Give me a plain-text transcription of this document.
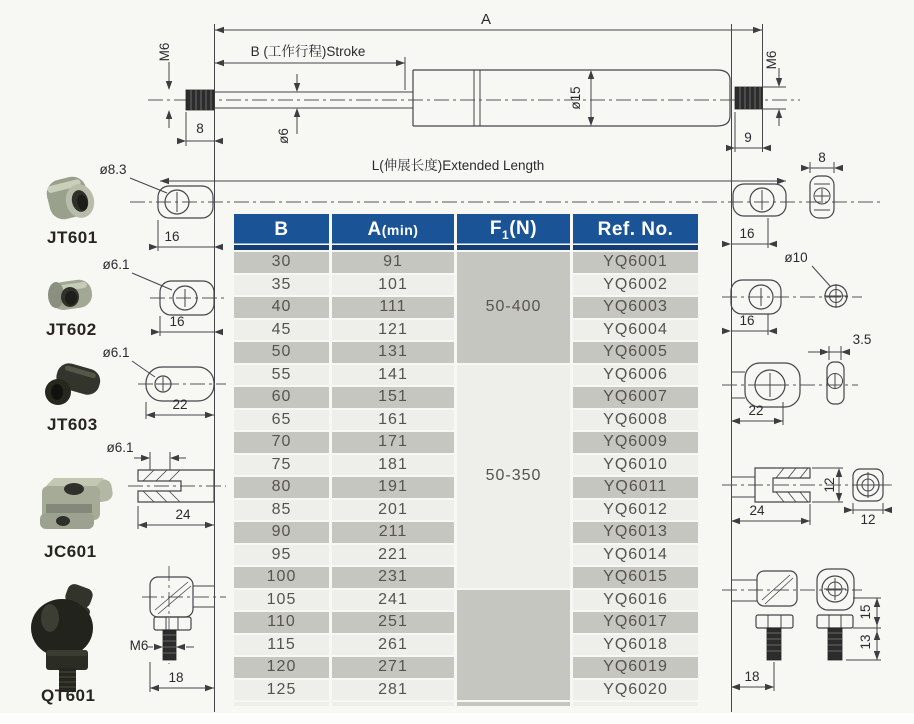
A
B (工作行程)Stroke
M6	M6
8
9
ø6
ø15
L(伸展长度)Extended Length
ø8.3
16	16
8
ø10
16
3.5
22
12
12
24
15
13
18
ø6.1
16
ø6.1
22
ø6.1
24
M6
18
JT601
JT602
JT603
JC601
QT601
B	A(min)	$F_1(N)$	Ref. No.
30	91	50-400	YQ6001
35	101		YQ6002
40	111		YQ6003
45	121		YQ6004
50	131		YQ6005
55	141	50-350	YQ6006
60	151		YQ6007
65	161		YQ6008
70	171		YQ6009
75	181		YQ6010
80	191		YQ6011
85	201		YQ6012
90	211		YQ6013
95	221		YQ6014
100	231		YQ6015
105	241		YQ6016
110	251		YQ6017
115	261		YQ6018
120	271		YQ6019
125	281		YQ6020
